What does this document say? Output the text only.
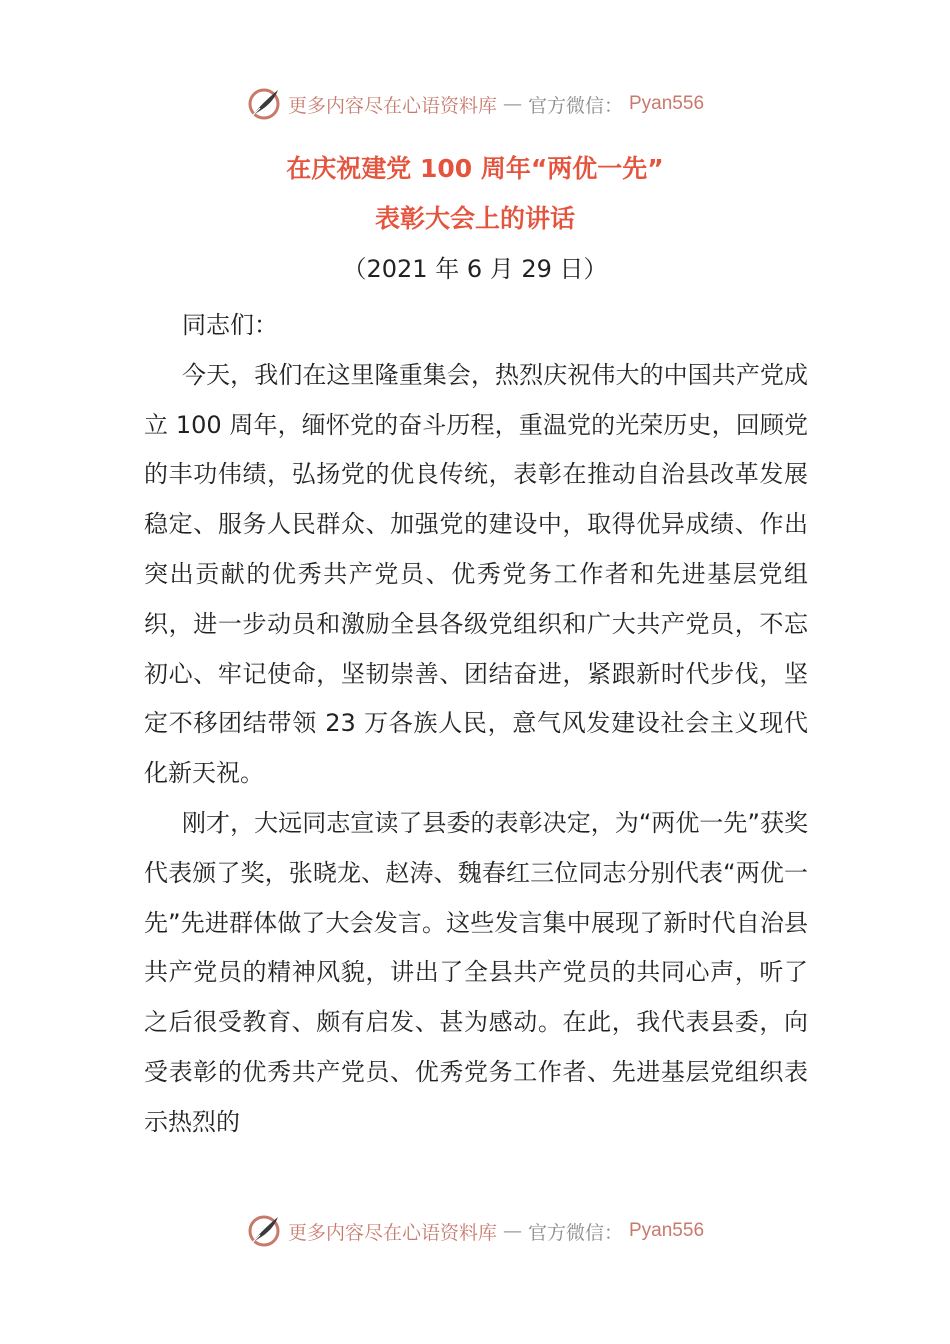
更多内容尽在心语资料库 — 官方微信： Pyan556
在庆祝建党 100 周年“两优一先”
表彰大会上的讲话
（2021 年 6 月 29 日）

同志们：

今天，我们在这里隆重集会，热烈庆祝伟大的中国共产党成立 100 周年，缅怀党的奋斗历程，重温党的光荣历史，回顾党的丰功伟绩，弘扬党的优良传统，表彰在推动自治县改革发展稳定、服务人民群众、加强党的建设中，取得优异成绩、作出突出贡献的优秀共产党员、优秀党务工作者和先进基层党组织，进一步动员和激励全县各级党组织和广大共产党员，不忘初心、牢记使命，坚韧崇善、团结奋进，紧跟新时代步伐，坚定不移团结带领 23 万各族人民，意气风发建设社会主义现代化新天祝。

刚才，大远同志宣读了县委的表彰决定，为“两优一先”获奖代表颁了奖，张晓龙、赵涛、魏春红三位同志分别代表“两优一先”先进群体做了大会发言。这些发言集中展现了新时代自治县共产党员的精神风貌，讲出了全县共产党员的共同心声，听了之后很受教育、颇有启发、甚为感动。在此，我代表县委，向受表彰的优秀共产党员、优秀党务工作者、先进基层党组织表示热烈的

更多内容尽在心语资料库 — 官方微信： Pyan556
